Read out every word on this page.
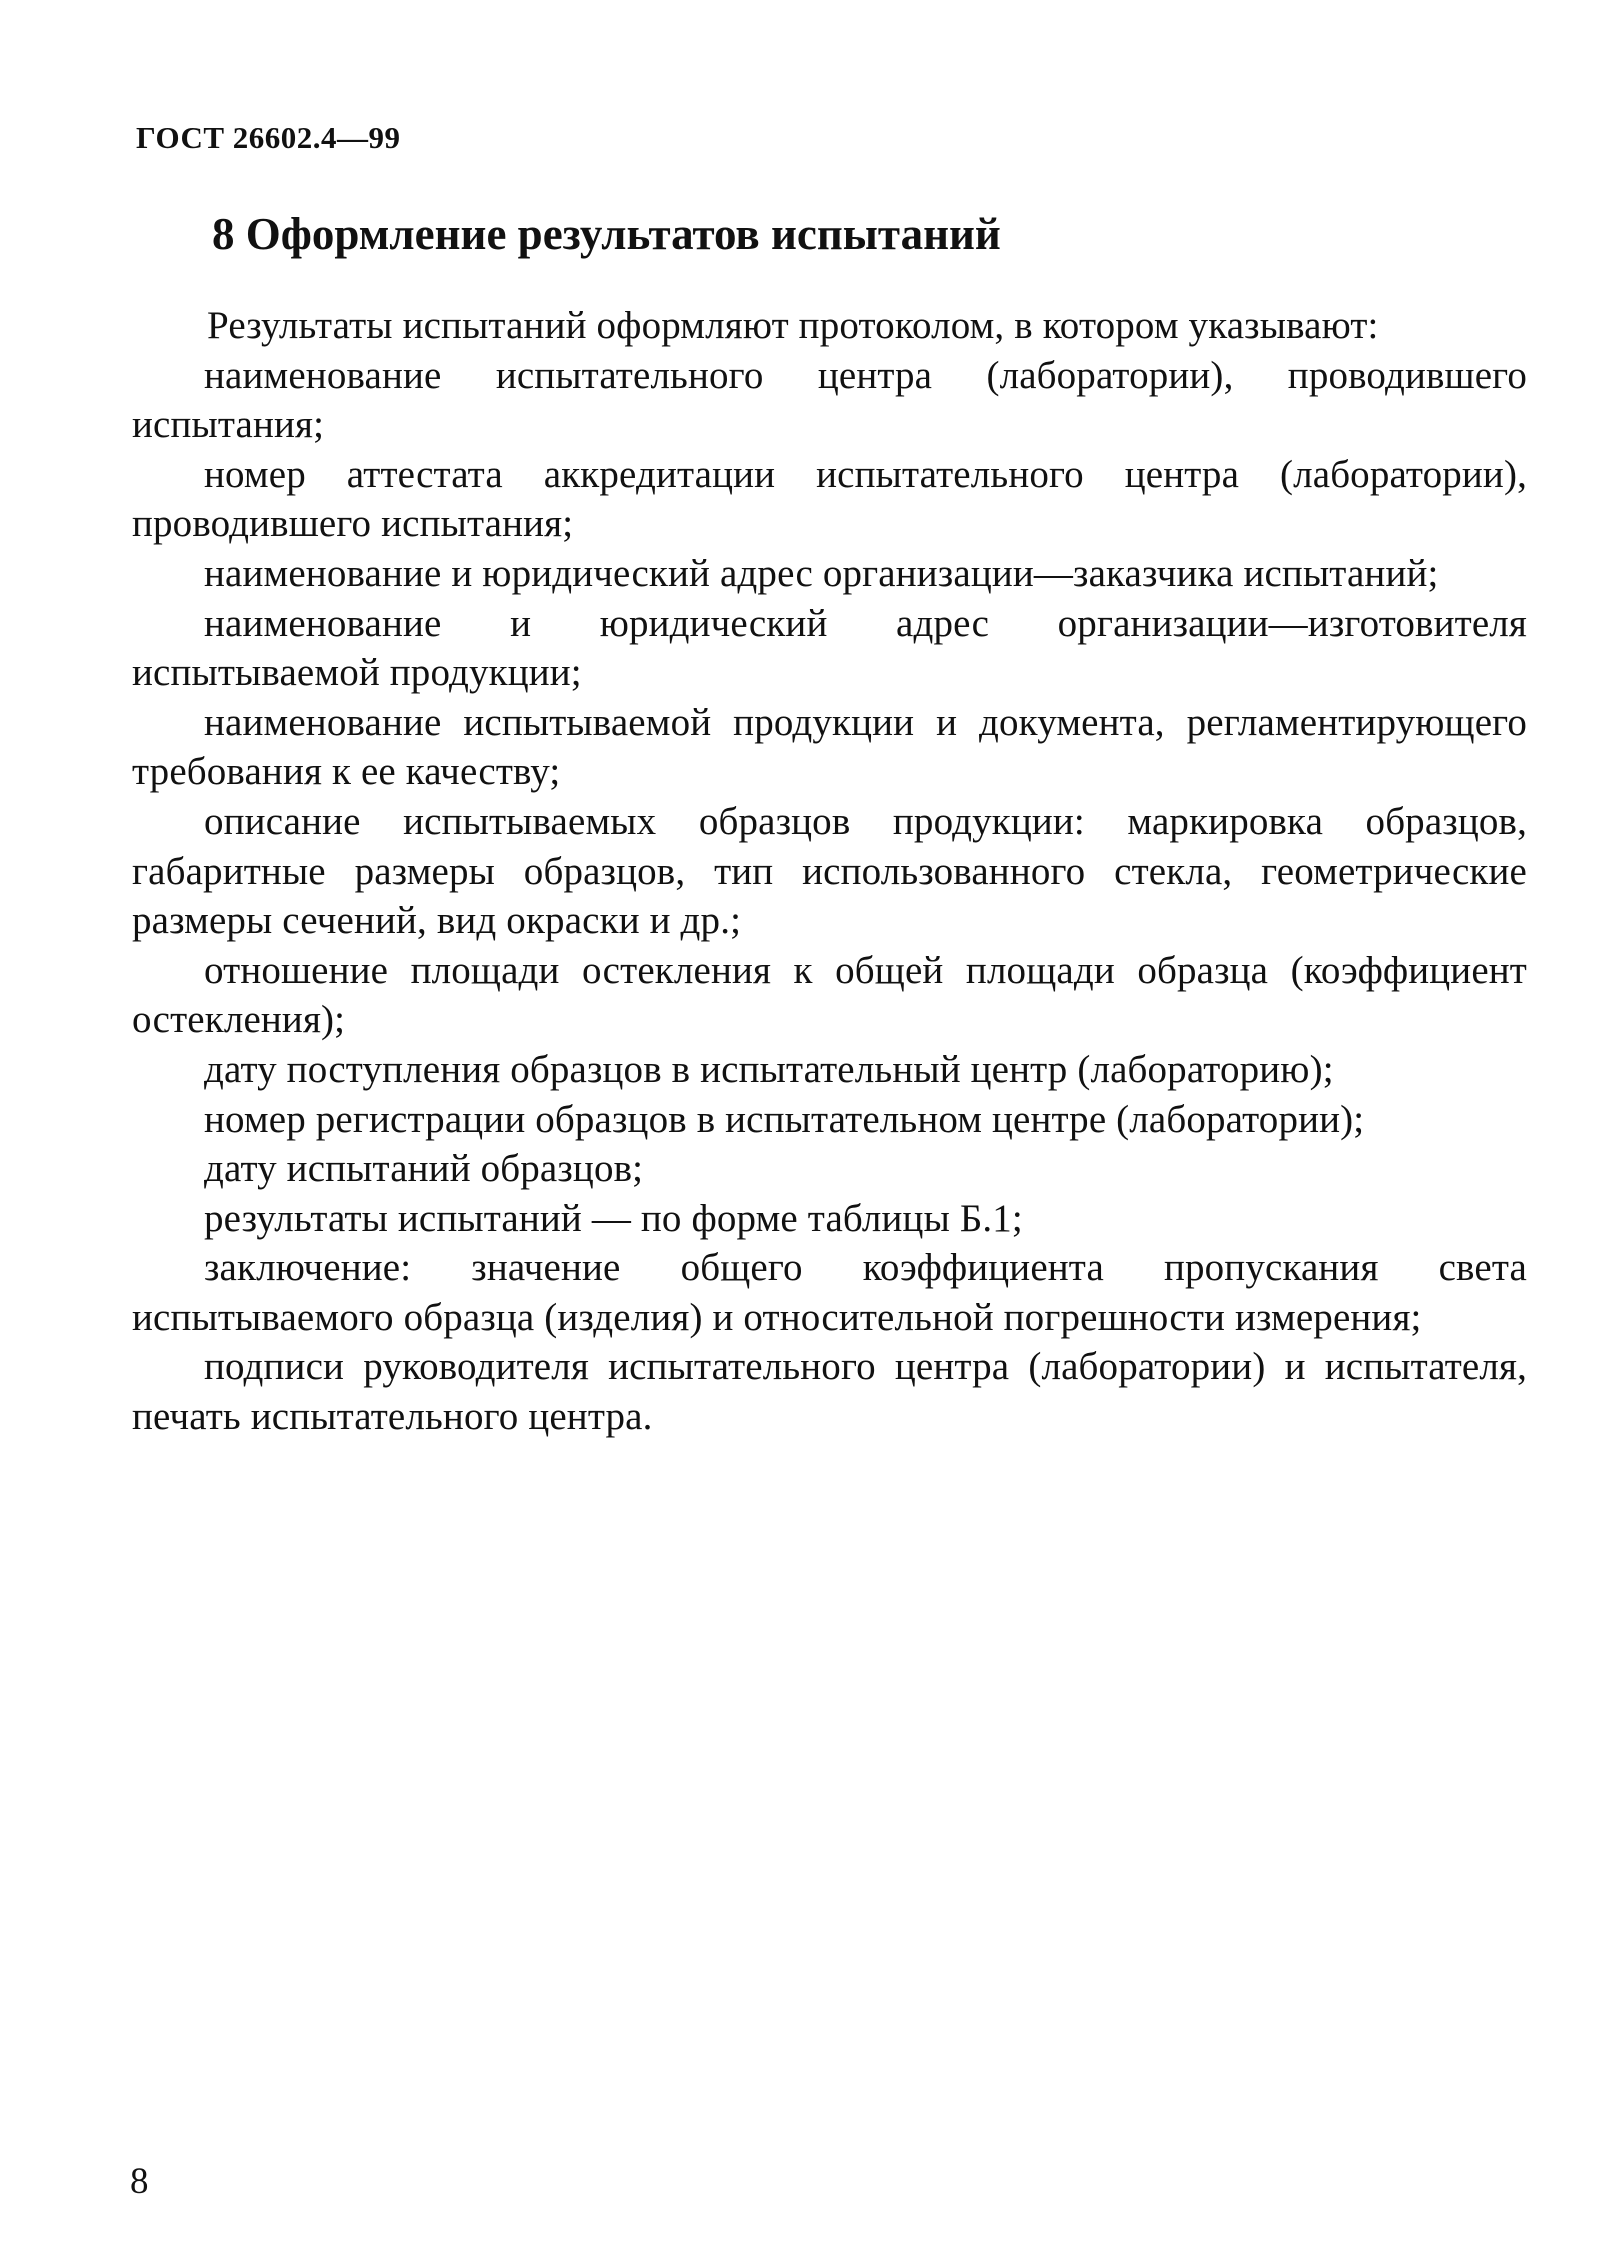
ГОСТ 26602.4—99
8 Оформление результатов испытаний

Результаты испытаний оформляют протоколом, в котором указывают:

наименование испытательного центра (лаборатории), проводившего испытания;

номер аттестата аккредитации испытательного центра (лаборатории), проводившего испытания;

наименование и юридический адрес организации—заказчика испытаний;

наименование и юридический адрес организации—изготовителя испытываемой продукции;

наименование испытываемой продукции и документа, регламентирующего требования к ее качеству;

описание испытываемых образцов продукции: маркировка образцов, габаритные размеры образцов, тип использованного стекла, геометрические размеры сечений, вид окраски и др.;

отношение площади остекления к общей площади образца (коэффициент остекления);

дату поступления образцов в испытательный центр (лабораторию);

номер регистрации образцов в испытательном центре (лаборатории);

дату испытаний образцов;

результаты испытаний — по форме таблицы Б.1;

заключение: значение общего коэффициента пропускания света испытываемого образца (изделия) и относительной погрешности измерения;

подписи руководителя испытательного центра (лаборатории) и испытателя, печать испытательного центра.

8
